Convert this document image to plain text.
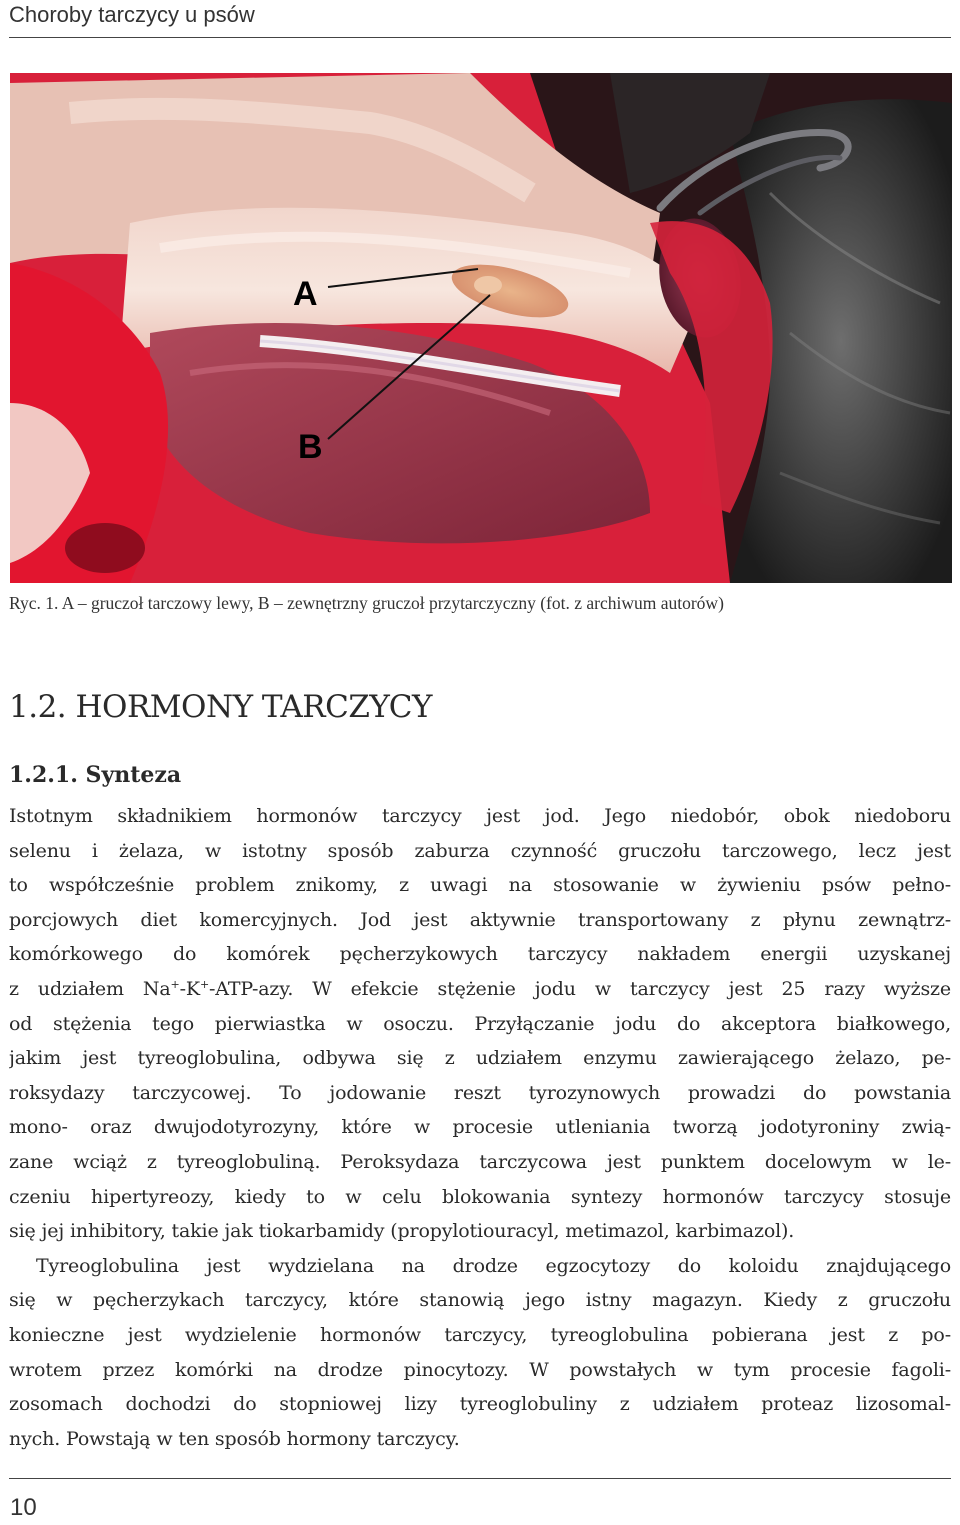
Choroby tarczycy u psów
A
B
Ryc. 1. A – gruczoł tarczowy lewy, B – zewnętrzny gruczoł przytarczyczny (fot. z archiwum autorów)
1.2. HORMONY TARCZYCY
1.2.1. Synteza
Istotnym składnikiem hormonów tarczycy jest jod. Jego niedobór, obok niedoboru
selenu i żelaza, w istotny sposób zaburza czynność gruczołu tarczowego, lecz jest
to współcześnie problem znikomy, z uwagi na stosowanie w żywieniu psów pełno-
porcjowych diet komercyjnych. Jod jest aktywnie transportowany z płynu zewnątrz-
komórkowego do komórek pęcherzykowych tarczycy nakładem energii uzyskanej
z udziałem Na+-K+-ATP-azy. W efekcie stężenie jodu w tarczycy jest 25 razy wyższe
od stężenia tego pierwiastka w osoczu. Przyłączanie jodu do akceptora białkowego,
jakim jest tyreoglobulina, odbywa się z udziałem enzymu zawierającego żelazo, pe-
roksydazy tarczycowej. To jodowanie reszt tyrozynowych prowadzi do powstania
mono- oraz dwujodotyrozyny, które w procesie utleniania tworzą jodotyroniny zwią-
zane wciąż z tyreoglobuliną. Peroksydaza tarczycowa jest punktem docelowym w le-
czeniu hipertyreozy, kiedy to w celu blokowania syntezy hormonów tarczycy stosuje
się jej inhibitory, takie jak tiokarbamidy (propylotiouracyl, metimazol, karbimazol).
Tyreoglobulina jest wydzielana na drodze egzocytozy do koloidu znajdującego
się w pęcherzykach tarczycy, które stanowią jego istny magazyn. Kiedy z gruczołu
konieczne jest wydzielenie hormonów tarczycy, tyreoglobulina pobierana jest z po-
wrotem przez komórki na drodze pinocytozy. W powstałych w tym procesie fagoli-
zosomach dochodzi do stopniowej lizy tyreoglobuliny z udziałem proteaz lizosomal-
nych. Powstają w ten sposób hormony tarczycy.
10
